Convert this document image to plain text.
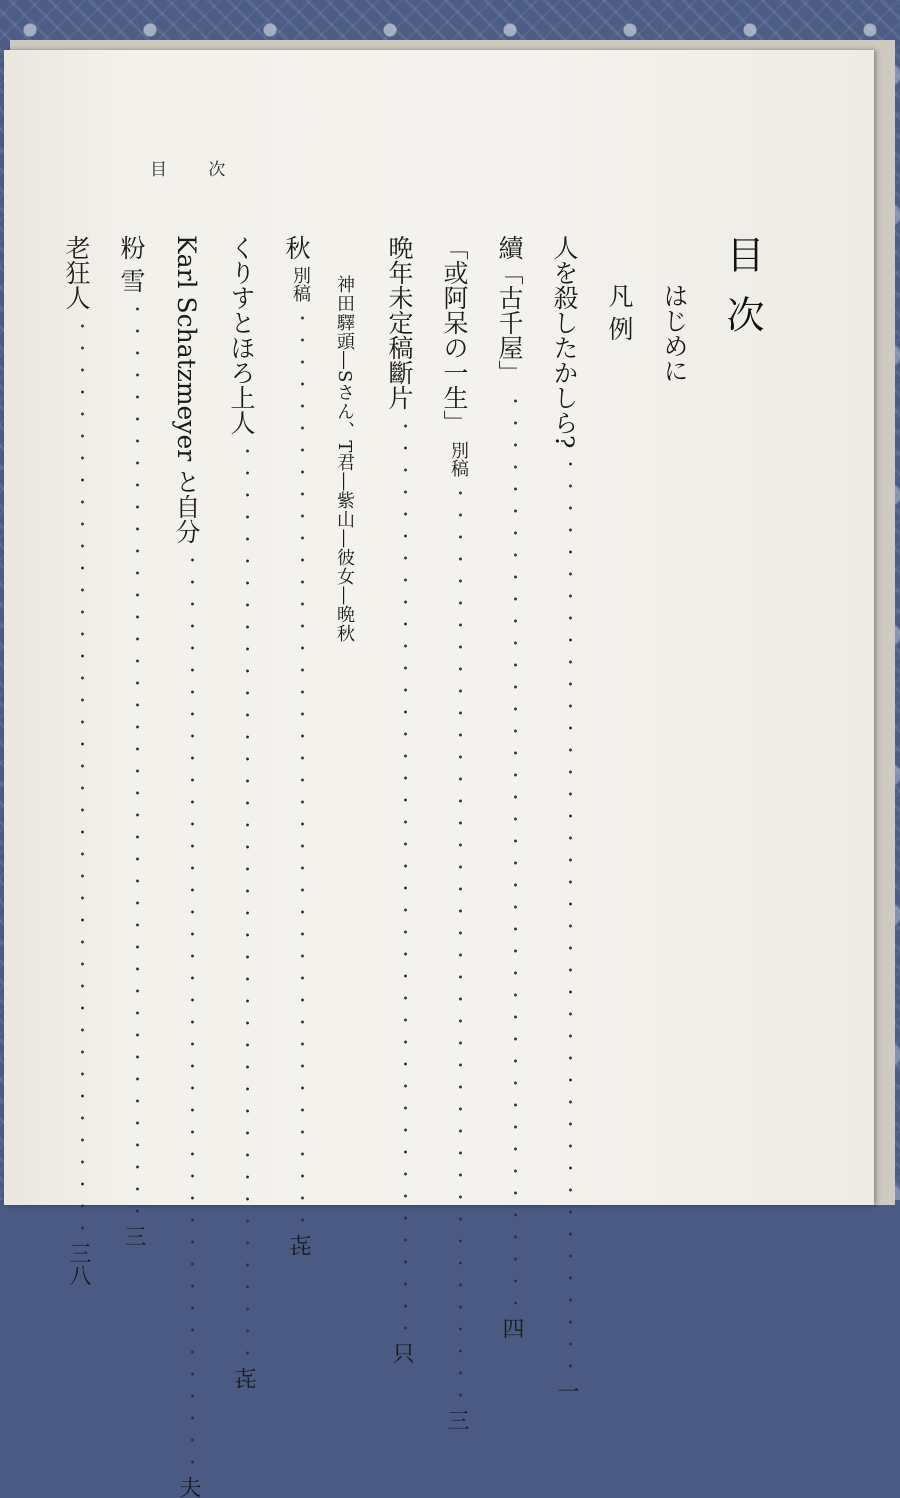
目 次
目次
はじめに
凡 例
人を殺したかしら?
・・・・・・・・・・・・・・・・・・・・・・・・・・・・・・・・・・・・・・・・・・
一
續「古千屋」
・・・・・・・・・・・・・・・・・・・・・・・・・・・・・・・・・・・・・・・・・・
四
「或阿呆の一生」
別稿
・・・・・・・・・・・・・・・・・・・・・・・・・・・・・・・・・・・・・・・・・・
三
晩年未定稿斷片
・・・・・・・・・・・・・・・・・・・・・・・・・・・・・・・・・・・・・・・・・・
只
神田驛頭―Sさん、T君―紫山―彼女―晩秋
秋
別稿
・・・・・・・・・・・・・・・・・・・・・・・・・・・・・・・・・・・・・・・・・・
㐂
くりすとほろ上人
・・・・・・・・・・・・・・・・・・・・・・・・・・・・・・・・・・・・・・・・・・
㐂
Karl Schatzmeyer と自分
・・・・・・・・・・・・・・・・・・・・・・・・・・・・・・・・・・・・・・・・・・
夫
粉 雪
・・・・・・・・・・・・・・・・・・・・・・・・・・・・・・・・・・・・・・・・・・
三
老狂人
・・・・・・・・・・・・・・・・・・・・・・・・・・・・・・・・・・・・・・・・・・
三八
